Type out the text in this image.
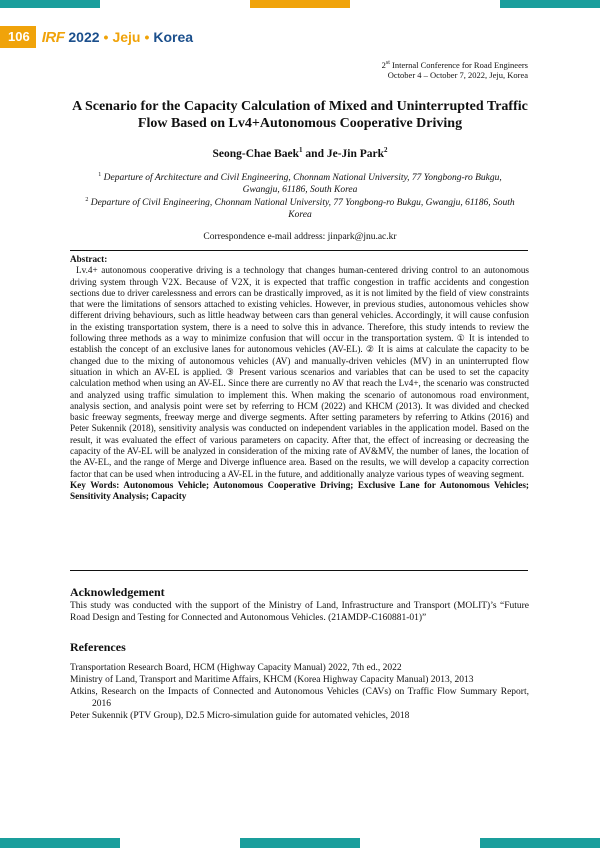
106 IRF 2022 • Jeju • Korea
2st Internal Conference for Road Engineers
October 4 – October 7, 2022, Jeju, Korea
A Scenario for the Capacity Calculation of Mixed and Uninterrupted Traffic Flow Based on Lv4+Autonomous Cooperative Driving
Seong-Chae Baek$^1$ and Je-Jin Park$^2$
$^1$ Departure of Architecture and Civil Engineering, Chonnam National University, 77 Yongbong-ro Bukgu, Gwangju, 61186, South Korea
$^2$ Departure of Civil Engineering, Chonnam National University, 77 Yongbong-ro Bukgu, Gwangju, 61186, South Korea
Correspondence e-mail address: jinpark@jnu.ac.kr
Abstract:

Lv.4+ autonomous cooperative driving is a technology that changes human-centered driving control to an autonomous driving system through V2X. Because of V2X, it is expected that traffic congestion in traffic accidents and congestion sections due to driver carelessness and errors can be drastically improved, as it is not limited by the field of view constraints that were the limitations of sensors attached to existing vehicles. However, in previous studies, autonomous vehicles show different driving behaviours, such as little headway between cars than general vehicles. Accordingly, it will cause confusion in the existing transportation system, there is a need to solve this in advance. Therefore, this study intends to review the following three methods as a way to minimize confusion that will occur in the transportation system. ① It is intended to establish the concept of an exclusive lanes for autonomous vehicles (AV-EL). ② It is aims at calculate the capacity to be changed due to the mixing of autonomous vehicles (AV) and manually-driven vehicles (MV) in an uninterrupted flow situation in which an AV-EL is applied. ③ Present various scenarios and variables that can be used to set the capacity calculation method when using an AV-EL. Since there are currently no AV that reach the Lv4+, the scenario was constructed and analyzed using traffic simulation to implement this. When making the scenario of autonomous road environment, analysis section, and analysis point were set by referring to HCM (2022) and KHCM (2013). It was divided and checked basic freeway segments, freeway merge and diverge segments. After setting parameters by referring to Atkins (2016) and Peter Sukennik (2018), sensitivity analysis was conducted on independent variables in the application model. Based on the result, it was evaluated the effect of various parameters on capacity. After that, the effect of increasing or decreasing the capacity of the AV-EL will be analyzed in consideration of the mixing rate of AV&MV, the number of lanes, the location of the AV-EL, and the range of Merge and Diverge influence area. Based on the results, we will develop a capacity correction factor that can be used when introducing a AV-EL in the future, and additionally analyze various types of weaving segment.

Key Words: Autonomous Vehicle; Autonomous Cooperative Driving; Exclusive Lane for Autonomous Vehicles; Sensitivity Analysis; Capacity
Acknowledgement
This study was conducted with the support of the Ministry of Land, Infrastructure and Transport (MOLIT)’s “Future Road Design and Testing for Connected and Autonomous Vehicles. (21AMDP-C160881-01)”
References
Transportation Research Board, HCM (Highway Capacity Manual) 2022, 7th ed., 2022
Ministry of Land, Transport and Maritime Affairs, KHCM (Korea Highway Capacity Manual) 2013, 2013
Atkins, Research on the Impacts of Connected and Autonomous Vehicles (CAVs) on Traffic Flow Summary Report, 2016
Peter Sukennik (PTV Group), D2.5 Micro-simulation guide for automated vehicles, 2018
